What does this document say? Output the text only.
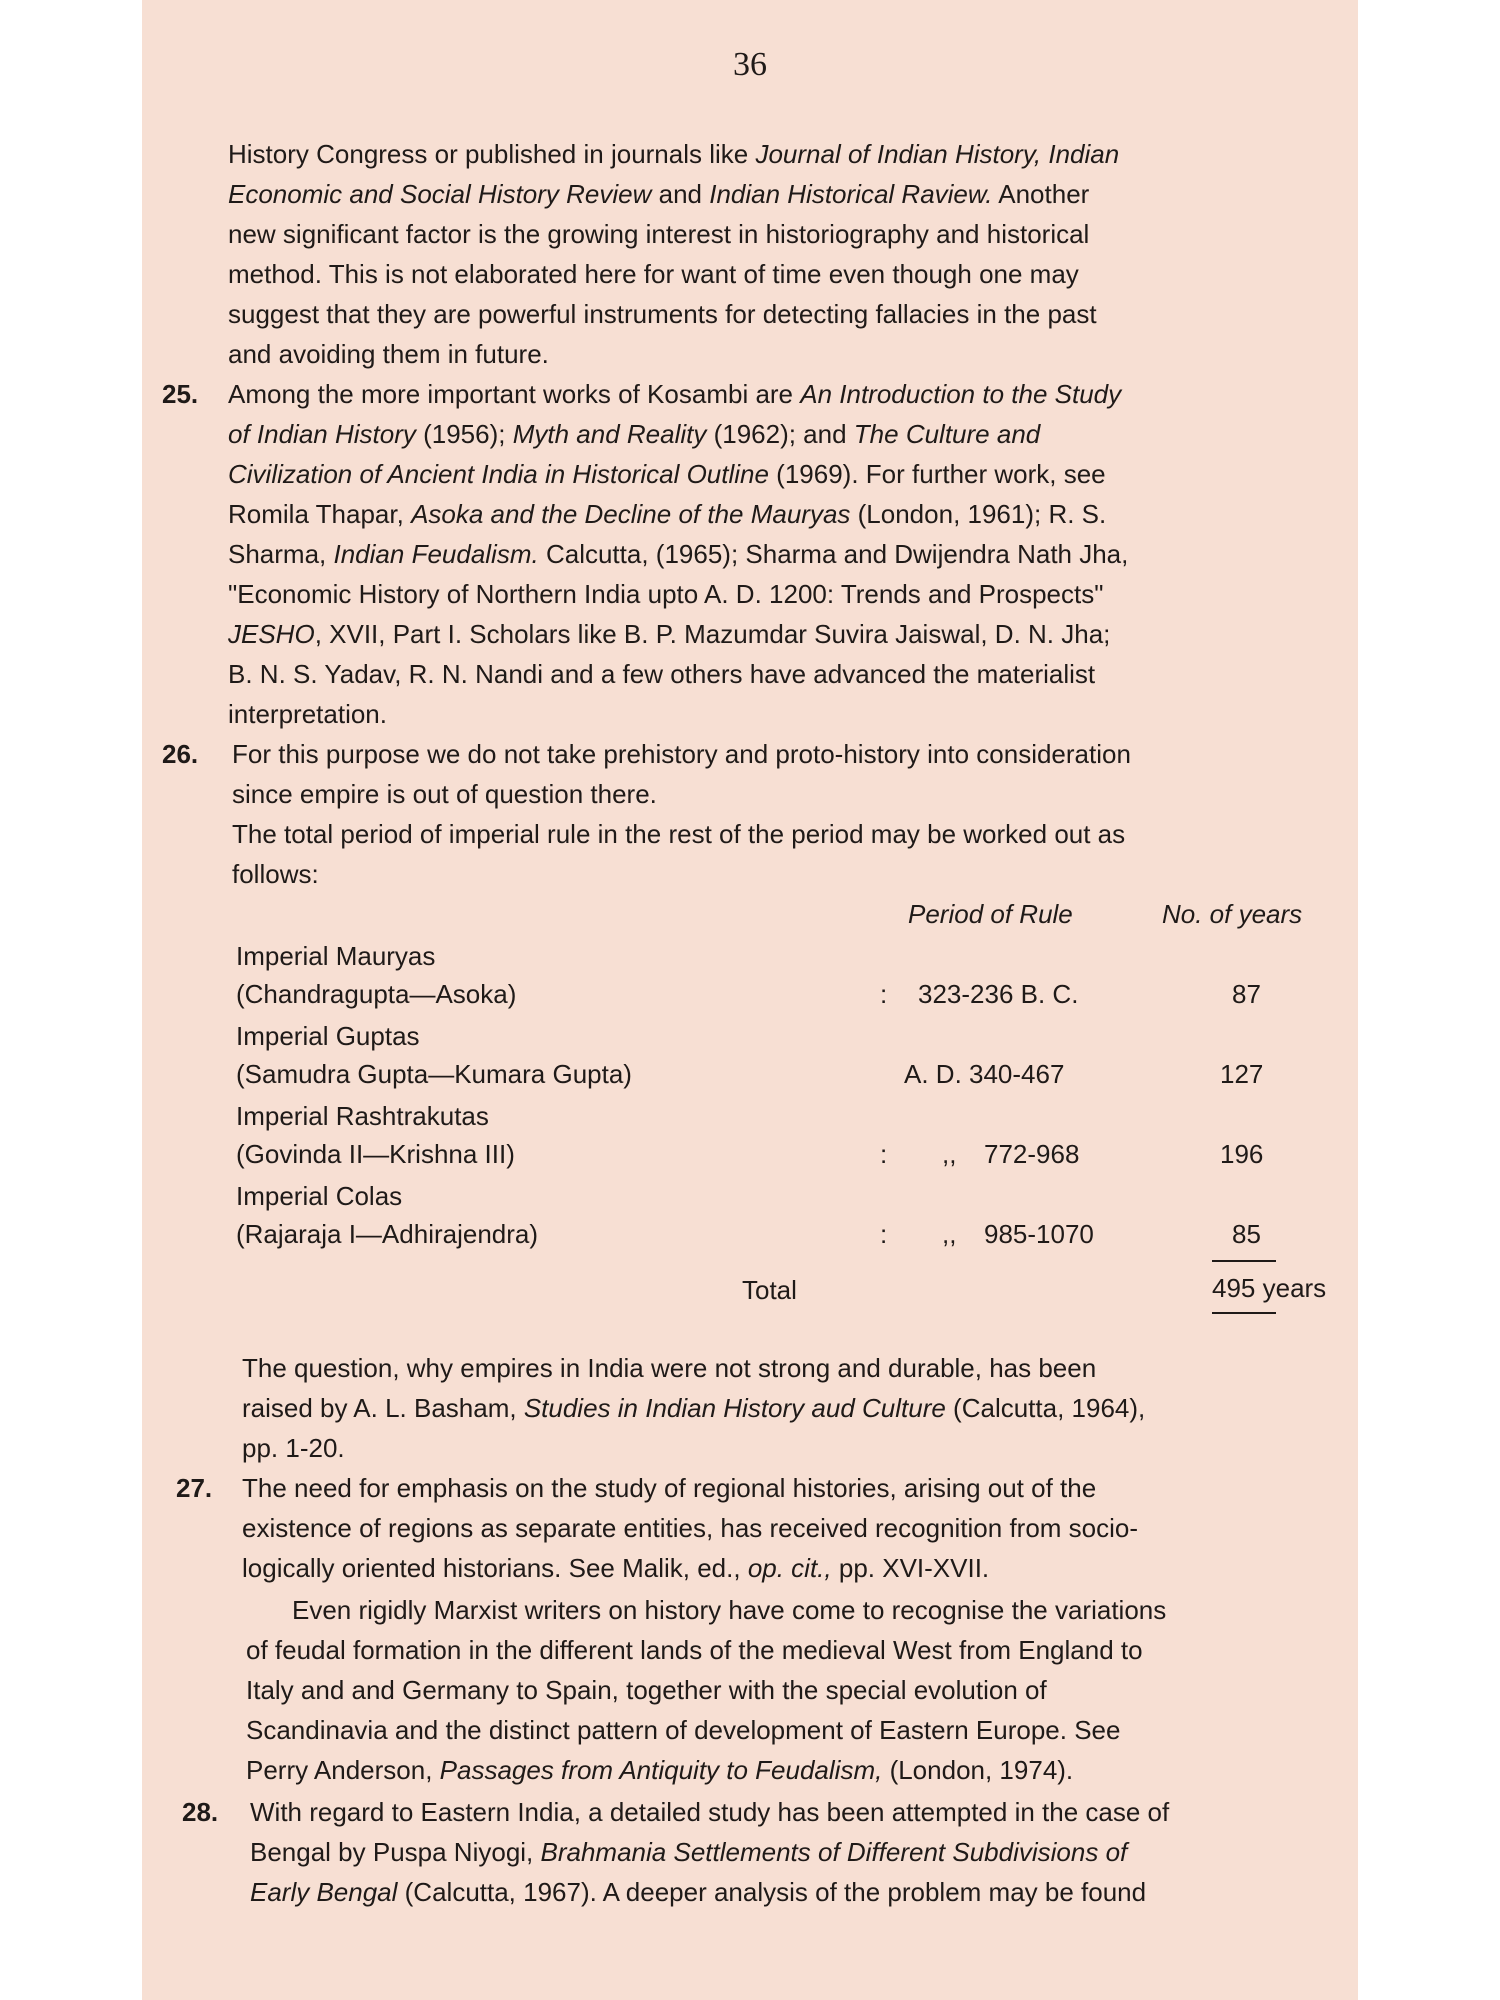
36
History Congress or published in journals like Journal of Indian History, Indian
Economic and Social History Review and Indian Historical Raview. Another
new significant factor is the growing interest in historiography and historical
method. This is not elaborated here for want of time even though one may
suggest that they are powerful instruments for detecting fallacies in the past
and avoiding them in future.
25. Among the more important works of Kosambi are An Introduction to the Study
of Indian History (1956); Myth and Reality (1962); and The Culture and
Civilization of Ancient India in Historical Outline (1969). For further work, see
Romila Thapar, Asoka and the Decline of the Mauryas (London, 1961); R. S.
Sharma, Indian Feudalism. Calcutta, (1965); Sharma and Dwijendra Nath Jha,
"Economic History of Northern India upto A. D. 1200: Trends and Prospects"
JESHO, XVII, Part I. Scholars like B. P. Mazumdar Suvira Jaiswal, D. N. Jha;
B. N. S. Yadav, R. N. Nandi and a few others have advanced the materialist
interpretation.
26. For this purpose we do not take prehistory and proto-history into consideration
since empire is out of question there.
The total period of imperial rule in the rest of the period may be worked out as
follows:
Period of Rule	No. of years
Imperial Mauryas
(Chandragupta—Asoka)	: 323-236 B. C.	87
Imperial Guptas
(Samudra Gupta—Kumara Gupta)	A. D. 340-467	127
Imperial Rashtrakutas
(Govinda II—Krishna III)	: ,, 772-968	196
Imperial Colas
(Rajaraja I—Adhirajendra)	: ,, 985-1070	85
Total	495 years
The question, why empires in India were not strong and durable, has been
raised by A. L. Basham, Studies in Indian History aud Culture (Calcutta, 1964),
pp. 1-20.
27. The need for emphasis on the study of regional histories, arising out of the
existence of regions as separate entities, has received recognition from socio-
logically oriented historians. See Malik, ed., op. cit., pp. XVI-XVII.
Even rigidly Marxist writers on history have come to recognise the variations
of feudal formation in the different lands of the medieval West from England to
Italy and and Germany to Spain, together with the special evolution of
Scandinavia and the distinct pattern of development of Eastern Europe. See
Perry Anderson, Passages from Antiquity to Feudalism, (London, 1974).
28. With regard to Eastern India, a detailed study has been attempted in the case of
Bengal by Puspa Niyogi, Brahmania Settlements of Different Subdivisions of
Early Bengal (Calcutta, 1967). A deeper analysis of the problem may be found
